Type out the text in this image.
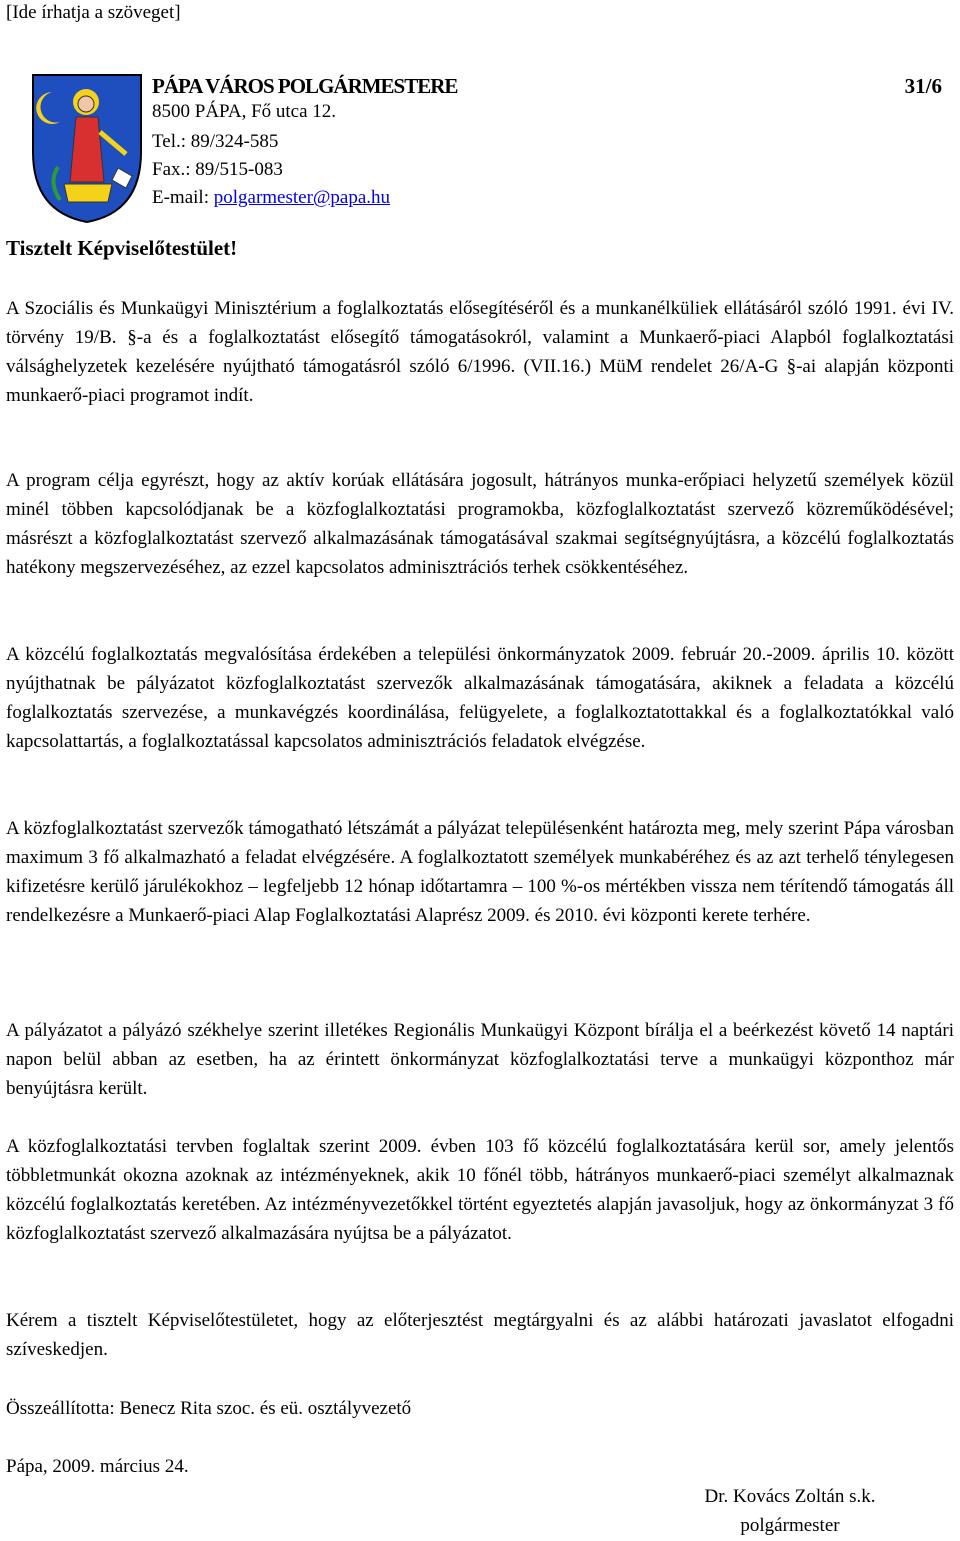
[Ide írhatja a szöveget]
PÁPA VÁROS POLGÁRMESTERE	31/6
8500 PÁPA, Fő utca 12.
Tel.: 89/324-585
Fax.: 89/515-083
E-mail: polgarmester@papa.hu
Tisztelt Képviselőtestület!

A Szociális és Munkaügyi Minisztérium a foglalkoztatás elősegítéséről és a munkanélküliek ellátásáról szóló 1991. évi IV. törvény 19/B. §-a és a foglalkoztatást elősegítő támogatásokról, valamint a Munkaerő-piaci Alapból foglalkoztatási válsághelyzetek kezelésére nyújtható támogatásról szóló 6/1996. (VII.16.) MüM rendelet 26/A-G §-ai alapján központi munkaerő-piaci programot indít.

A program célja egyrészt, hogy az aktív korúak ellátására jogosult, hátrányos munka-erőpiaci helyzetű személyek közül minél többen kapcsolódjanak be a közfoglalkoztatási programokba, közfoglalkoztatást szervező közreműködésével; másrészt a közfoglalkoztatást szervező alkalmazásának támogatásával szakmai segítségnyújtásra, a közcélú foglalkoztatás hatékony megszervezéséhez, az ezzel kapcsolatos adminisztrációs terhek csökkentéséhez.

A közcélú foglalkoztatás megvalósítása érdekében a települési önkormányzatok 2009. február 20.-2009. április 10. között nyújthatnak be pályázatot közfoglalkoztatást szervezők alkalmazásának támogatására, akiknek a feladata a közcélú foglalkoztatás szervezése, a munkavégzés koordinálása, felügyelete, a foglalkoztatottakkal és a foglalkoztatókkal való kapcsolattartás, a foglalkoztatással kapcsolatos adminisztrációs feladatok elvégzése.

A közfoglalkoztatást szervezők támogatható létszámát a pályázat településenként határozta meg, mely szerint Pápa városban maximum 3 fő alkalmazható a feladat elvégzésére. A foglalkoztatott személyek munkabéréhez és az azt terhelő ténylegesen kifizetésre kerülő járulékokhoz – legfeljebb 12 hónap időtartamra – 100 %-os mértékben vissza nem térítendő támogatás áll rendelkezésre a Munkaerő-piaci Alap Foglalkoztatási Alaprész 2009. és 2010. évi központi kerete terhére.

A pályázatot a pályázó székhelye szerint illetékes Regionális Munkaügyi Központ bírálja el a beérkezést követő 14 naptári napon belül abban az esetben, ha az érintett önkormányzat közfoglalkoztatási terve a munkaügyi központhoz már benyújtásra került.

A közfoglalkoztatási tervben foglaltak szerint 2009. évben 103 fő közcélú foglalkoztatására kerül sor, amely jelentős többletmunkát okozna azoknak az intézményeknek, akik 10 főnél több, hátrányos munkaerő-piaci személyt alkalmaznak közcélú foglalkoztatás keretében. Az intézményvezetőkkel történt egyeztetés alapján javasoljuk, hogy az önkormányzat 3 fő közfoglalkoztatást szervező alkalmazására nyújtsa be a pályázatot.

Kérem a tisztelt Képviselőtestületet, hogy az előterjesztést megtárgyalni és az alábbi határozati javaslatot elfogadni szíveskedjen.

Összeállította: Benecz Rita szoc. és eü. osztályvezető
Pápa, 2009. március 24.
Dr. Kovács Zoltán s.k.
polgármester
